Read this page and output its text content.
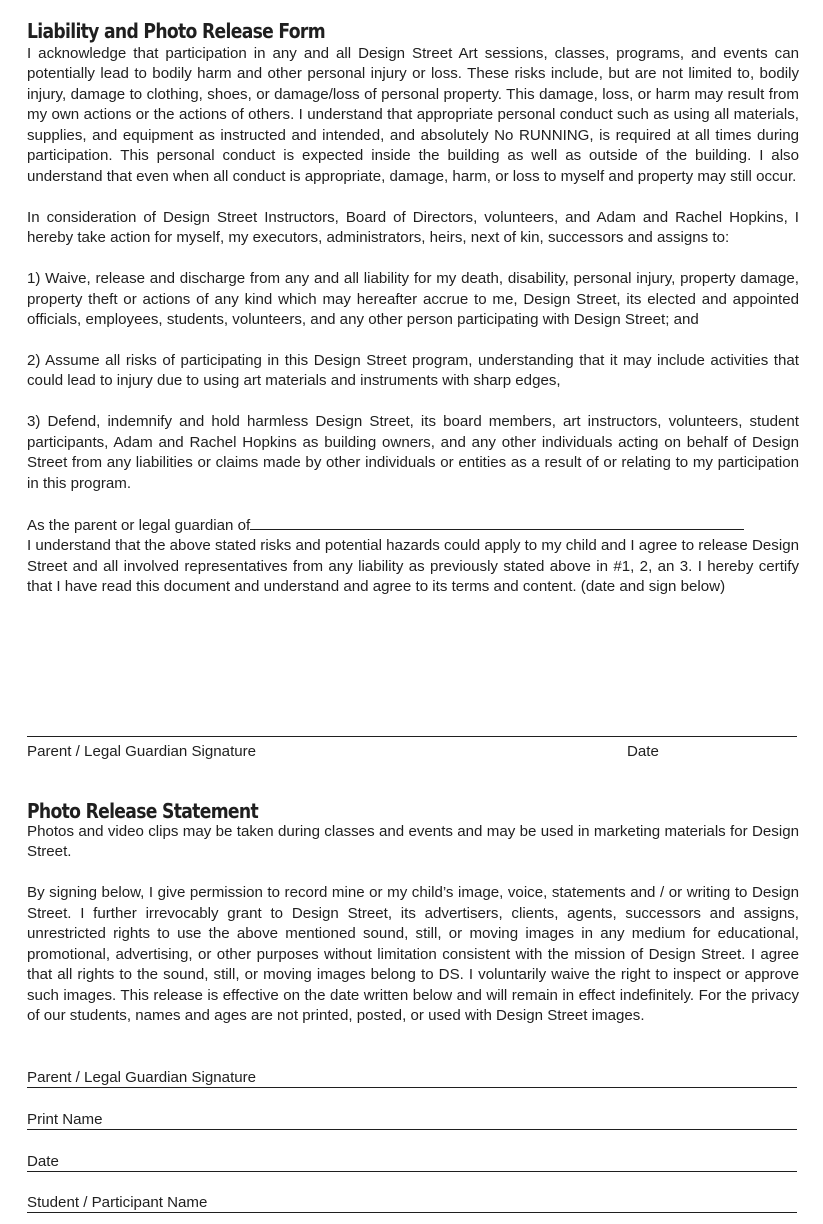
Liability and Photo Release Form

I acknowledge that participation in any and all Design Street Art sessions, classes, programs, and events can potentially lead to bodily harm and other personal injury or loss. These risks include, but are not limited to, bodily injury, damage to clothing, shoes, or damage/loss of personal property. This damage, loss, or harm may result from my own actions or the actions of others. I understand that appropriate personal conduct such as using all materials, supplies, and equipment as instructed and intended, and absolutely No RUNNING, is required at all times during participation. This personal conduct is expected inside the building as well as outside of the building. I also understand that even when all conduct is appropriate, damage, harm, or loss to myself and property may still occur.

In consideration of Design Street Instructors, Board of Directors, volunteers, and Adam and Rachel Hopkins, I hereby take action for myself, my executors, administrators, heirs, next of kin, successors and assigns to:

1) Waive, release and discharge from any and all liability for my death, disability, personal injury, property damage, property theft or actions of any kind which may hereafter accrue to me, Design Street, its elected and appointed officials, employees, students, volunteers, and any other person participating with Design Street; and

2) Assume all risks of participating in this Design Street program, understanding that it may include activities that could lead to injury due to using art materials and instruments with sharp edges,

3) Defend, indemnify and hold harmless Design Street, its board members, art instructors, volunteers, student participants, Adam and Rachel Hopkins as building owners, and any other individuals acting on behalf of Design Street from any liabilities or claims made by other individuals or entities as a result of or relating to my participation in this program.

As the parent or legal guardian of

I understand that the above stated risks and potential hazards could apply to my child and I agree to release Design Street and all involved representatives from any liability as previously stated above in #1, 2, an 3. I hereby certify that I have read this document and understand and agree to its terms and content. (date and sign below)

Parent / Legal Guardian Signature	Date
Photo Release Statement

Photos and video clips may be taken during classes and events and may be used in marketing materials for Design Street.

By signing below, I give permission to record mine or my child’s image, voice, statements and / or writing to Design Street. I further irrevocably grant to Design Street, its advertisers, clients, agents, successors and assigns, unrestricted rights to use the above mentioned sound, still, or moving images in any medium for educational, promotional, advertising, or other purposes without limitation consistent with the mission of Design Street. I agree that all rights to the sound, still, or moving images belong to DS. I voluntarily waive the right to inspect or approve such images. This release is effective on the date written below and will remain in effect indefinitely. For the privacy of our students, names and ages are not printed, posted, or used with Design Street images.

Parent / Legal Guardian Signature
Print Name
Date
Student / Participant Name
